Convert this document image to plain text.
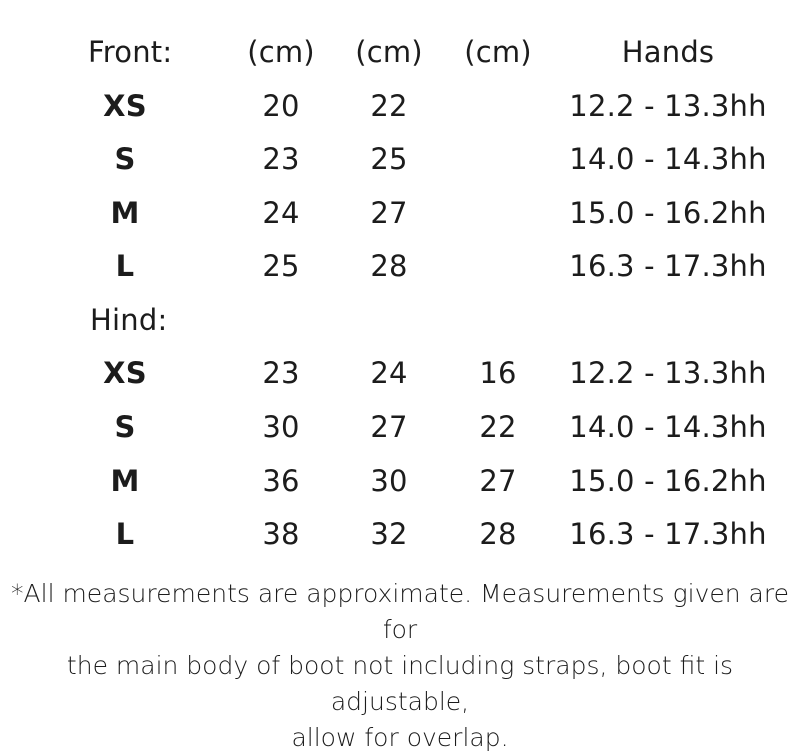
Front:	(cm) (cm) (cm)	Hands
XS	20 22	12.2 - 13.3hh
S	23 25	14.0 - 14.3hh
M	24 27	15.0 - 16.2hh
L	25 28	16.3 - 17.3hh
Hind:
XS	23 24 16 12.2 - 13.3hh
S	30 27 22 14.0 - 14.3hh
M	36 30 27 15.0 - 16.2hh
L	38 32 28 16.3 - 17.3hh
*All measurements are approximate. Measurements given are for
the main body of boot not including straps, boot fit is adjustable,
allow for overlap.
